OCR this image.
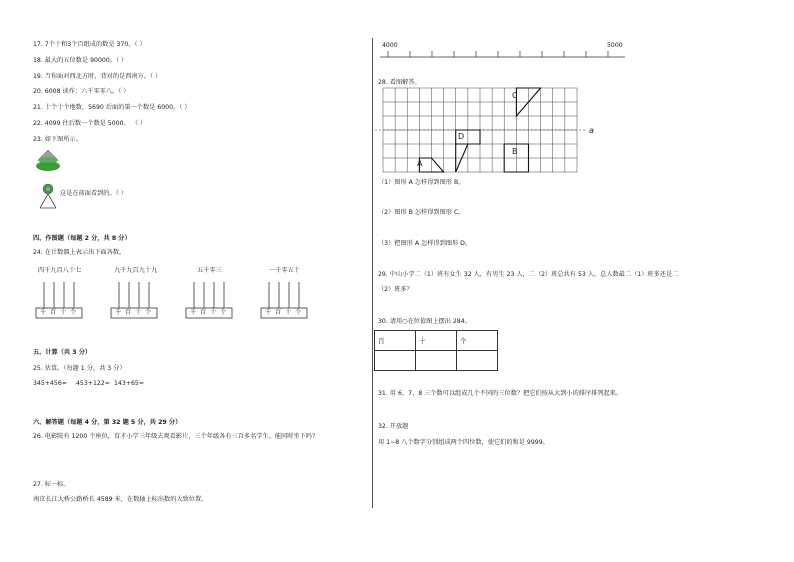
17. 7个十和3个百组成的数是 370。（ ）
18. 最大的五位数是 90000。（ ）
19. 当你面对西北方时，背对的是西南方。（ ）
20. 6008 读作：六千零零八。（ ）
21. 十个十个地数，5690 后面的第一个数是 6000。（ ）
22. 4099 往后数一个数是 5000。 （ ）
23. 如下图所示。
这是在前面看到的。（ ）
四、作图题（每题 2 分，共 8 分）
24. 在计数器上表示出下面各数。
四千九百八十七
千 百 十 个
九千九百九十九
千 百 十 个
五千零三
千 百 十 个
一千零五十
千 百 十 个
五、计算（共 3 分）
25. 估算。（每题 1 分，共 3 分）
345+456≈ 453+122≈ 143+65≈
六、解答题（每题 4 分，第 32 题 5 分，共 29 分）
26. 电影院有 1200 个座位，育才小学三年级去观看影片，三个年级各有三百多名学生。能同时坐下吗？
27. 标一标。
南京长江大桥公路桥长 4589 米，在数轴上标出数的大致位置。
4000	5000
28. 看图解答。
A
B
C
D
a
（1）图形 A 怎样得到图形 B。
（2）图形 B 怎样得到图形 C。
（3）把图形 A 怎样得到图形 D。
29. 中山小学二（1）班有女生 32 人，有男生 23 人，二（2）班总共有 53 人，总人数最二（1）班多还是二
（2）班多？
30. 请用○在位值图上摆出 284。
百	十	个

31. 用 6、7、8 三个数可以组成几个不同的三位数？把它们按从大到小的排序排列起来。
32. 开放题
用 1~8 八个数字分别组成两个四位数，使它们的和是 9999。
